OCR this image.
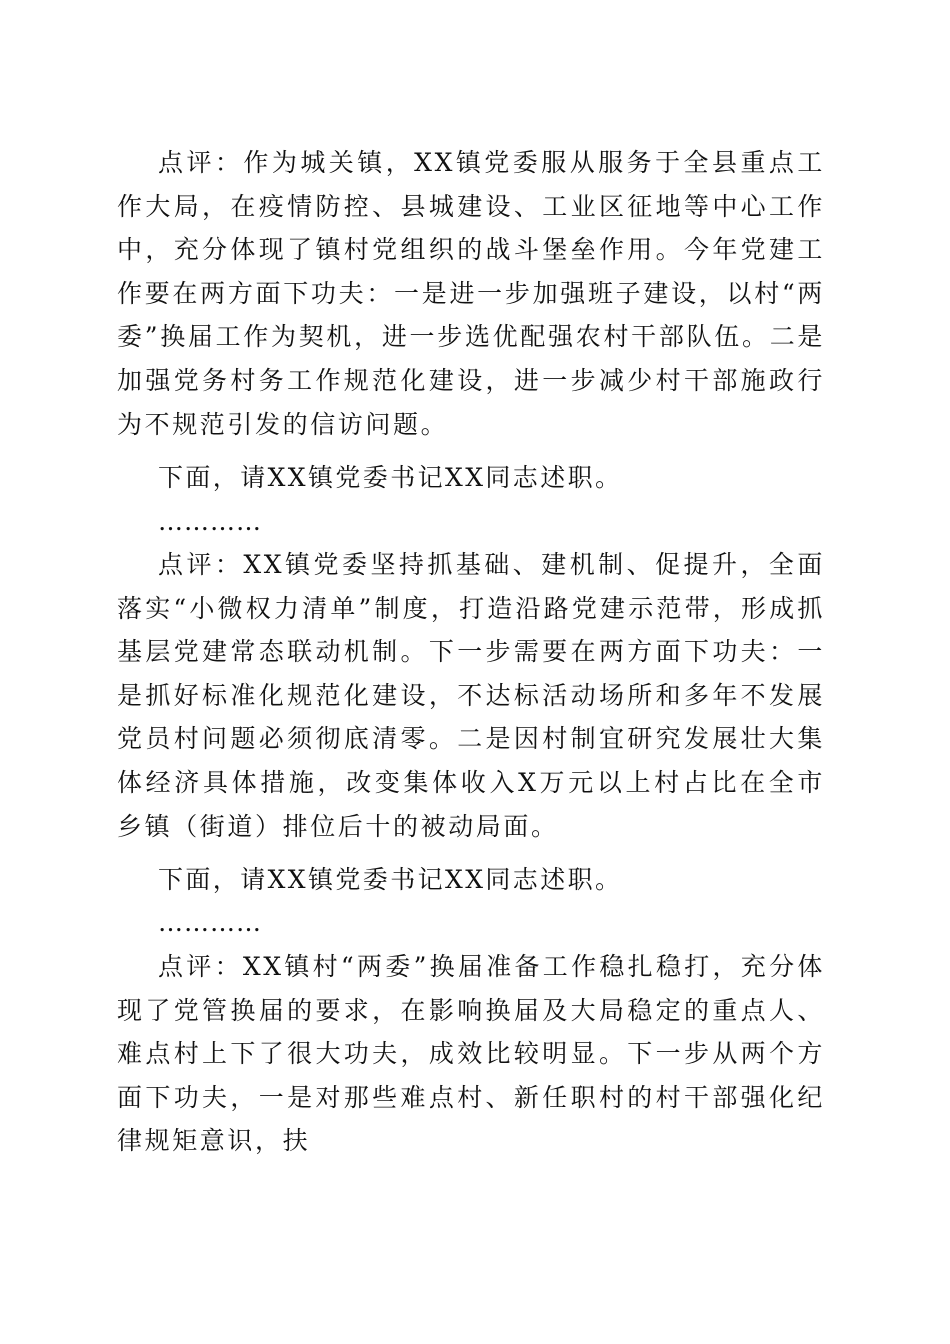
点评：作为城关镇，XX镇党委服从服务于全县重点工作大局，在疫情防控、县城建设、工业区征地等中心工作中，充分体现了镇村党组织的战斗堡垒作用。今年党建工作要在两方面下功夫：一是进一步加强班子建设，以村“两委”换届工作为契机，进一步选优配强农村干部队伍。二是加强党务村务工作规范化建设，进一步减少村干部施政行为不规范引发的信访问题。

下面，请XX镇党委书记XX同志述职。

…………

点评：XX镇党委坚持抓基础、建机制、促提升，全面落实“小微权力清单”制度，打造沿路党建示范带，形成抓基层党建常态联动机制。下一步需要在两方面下功夫：一是抓好标准化规范化建设，不达标活动场所和多年不发展党员村问题必须彻底清零。二是因村制宜研究发展壮大集体经济具体措施，改变集体收入X万元以上村占比在全市乡镇（街道）排位后十的被动局面。

下面，请XX镇党委书记XX同志述职。

…………

点评：XX镇村“两委”换届准备工作稳扎稳打，充分体现了党管换届的要求，在影响换届及大局稳定的重点人、难点村上下了很大功夫，成效比较明显。下一步从两个方面下功夫，一是对那些难点村、新任职村的村干部强化纪律规矩意识，扶
